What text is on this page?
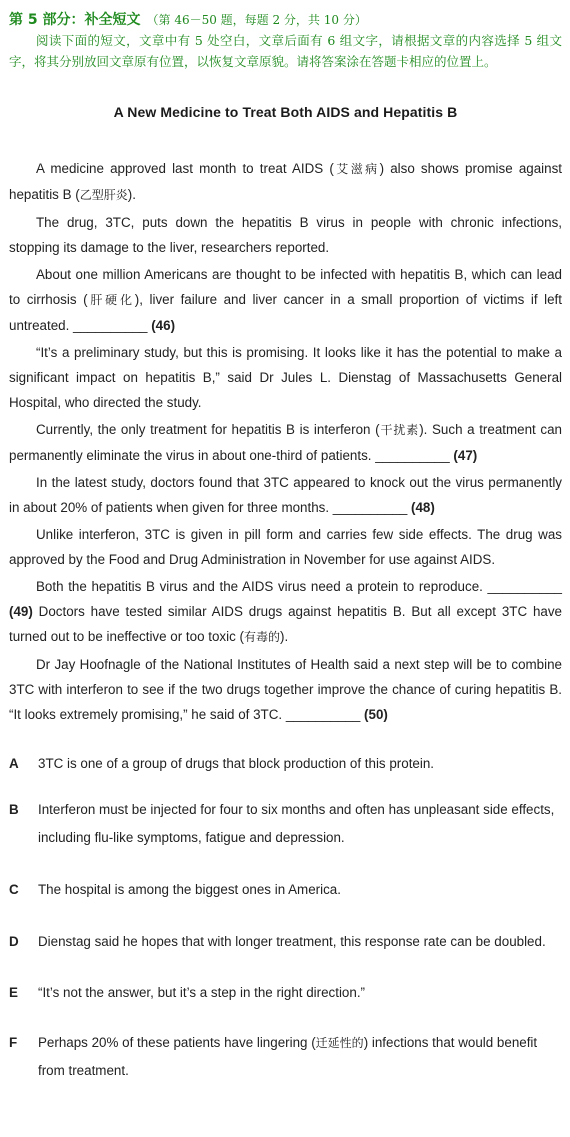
第 5 部分：补全短文 （第 46－50 题，每题 2 分，共 10 分）

阅读下面的短文，文章中有 5 处空白，文章后面有 6 组文字，请根据文章的内容选择 5 组文字，将其分别放回文章原有位置，以恢复文章原貌。请将答案涂在答题卡相应的位置上。

A New Medicine to Treat Both AIDS and Hepatitis B

A medicine approved last month to treat AIDS (艾滋病) also shows promise against hepatitis B (乙型肝炎).

The drug, 3TC, puts down the hepatitis B virus in people with chronic infections, stopping its damage to the liver, researchers reported.

About one million Americans are thought to be infected with hepatitis B, which can lead to cirrhosis (肝硬化), liver failure and liver cancer in a small proportion of victims if left untreated. __________ (46)

“It’s a preliminary study, but this is promising. It looks like it has the potential to make a significant impact on hepatitis B,” said Dr Jules L. Dienstag of Massachusetts General Hospital, who directed the study.

Currently, the only treatment for hepatitis B is interferon (干扰素). Such a treatment can permanently eliminate the virus in about one-third of patients. __________ (47)

In the latest study, doctors found that 3TC appeared to knock out the virus permanently in about 20% of patients when given for three months. __________ (48)

Unlike interferon, 3TC is given in pill form and carries few side effects. The drug was approved by the Food and Drug Administration in November for use against AIDS.

Both the hepatitis B virus and the AIDS virus need a protein to reproduce. __________ (49) Doctors have tested similar AIDS drugs against hepatitis B. But all except 3TC have turned out to be ineffective or too toxic (有毒的).

Dr Jay Hoofnagle of the National Institutes of Health said a next step will be to combine 3TC with interferon to see if the two drugs together improve the chance of curing hepatitis B. “It looks extremely promising,” he said of 3TC. __________ (50)

A	3TC is one of a group of drugs that block production of this protein.
B	Interferon must be injected for four to six months and often has unpleasant side effects, including flu-like symptoms, fatigue and depression.
C	The hospital is among the biggest ones in America.
D	Dienstag said he hopes that with longer treatment, this response rate can be doubled.
E	“It’s not the answer, but it’s a step in the right direction.”
F	Perhaps 20% of these patients have lingering (迁延性的) infections that would benefit from treatment.
